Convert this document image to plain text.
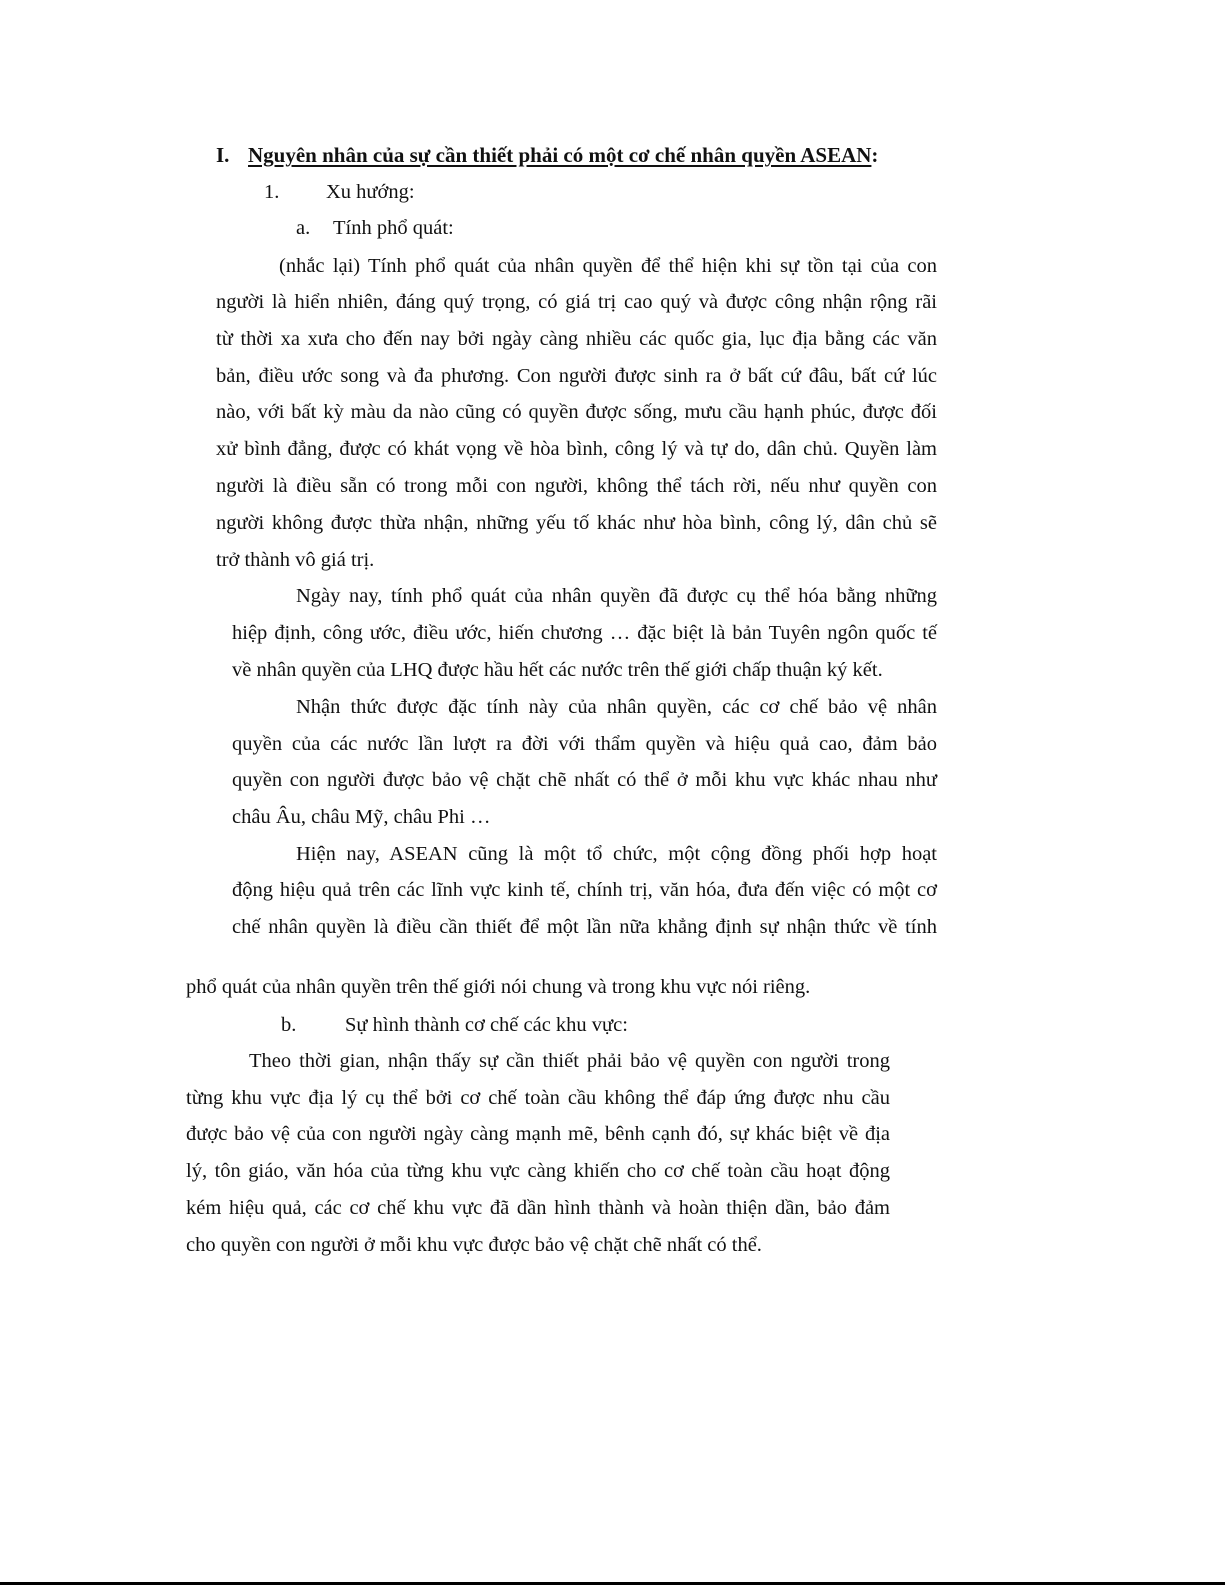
I. Nguyên nhân của sự cần thiết phải có một cơ chế nhân quyền ASEAN :
1. Xu hướng:
a. Tính phổ quát:
(nhắc lại) Tính phổ quát của nhân quyền để thể hiện khi sự tồn tại của con
người là hiển nhiên, đáng quý trọng, có giá trị cao quý và được công nhận rộng rãi
từ thời xa xưa cho đến nay bởi ngày càng nhiều các quốc gia, lục địa bằng các văn
bản, điều ước song và đa phương. Con người được sinh ra ở bất cứ đâu, bất cứ lúc
nào, với bất kỳ màu da nào cũng có quyền được sống, mưu cầu hạnh phúc, được đối
xử bình đẳng, được có khát vọng về hòa bình, công lý và tự do, dân chủ. Quyền làm
người là điều sẵn có trong mỗi con người, không thể tách rời, nếu như quyền con
người không được thừa nhận, những yếu tố khác như hòa bình, công lý, dân chủ sẽ
trở thành vô giá trị.
Ngày nay, tính phổ quát của nhân quyền đã được cụ thể hóa bằng những
hiệp định, công ước, điều ước, hiến chương … đặc biệt là bản Tuyên ngôn quốc tế
về nhân quyền của LHQ được hầu hết các nước trên thế giới chấp thuận ký kết.
Nhận thức được đặc tính này của nhân quyền, các cơ chế bảo vệ nhân
quyền của các nước lần lượt ra đời với thẩm quyền và hiệu quả cao, đảm bảo
quyền con người được bảo vệ chặt chẽ nhất có thể ở mỗi khu vực khác nhau như
châu Âu, châu Mỹ, châu Phi …
Hiện nay, ASEAN cũng là một tổ chức, một cộng đồng phối hợp hoạt
động hiệu quả trên các lĩnh vực kinh tế, chính trị, văn hóa, đưa đến việc có một cơ
chế nhân quyền là điều cần thiết để một lần nữa khẳng định sự nhận thức về tính
phổ quát của nhân quyền trên thế giới nói chung và trong khu vực nói riêng.
b. Sự hình thành cơ chế các khu vực:
Theo thời gian, nhận thấy sự cần thiết phải bảo vệ quyền con người trong
từng khu vực địa lý cụ thể bởi cơ chế toàn cầu không thể đáp ứng được nhu cầu
được bảo vệ của con người ngày càng mạnh mẽ, bênh cạnh đó, sự khác biệt về địa
lý, tôn giáo, văn hóa của từng khu vực càng khiến cho cơ chế toàn cầu hoạt động
kém hiệu quả, các cơ chế khu vực đã dần hình thành và hoàn thiện dần, bảo đảm
cho quyền con người ở mỗi khu vực được bảo vệ chặt chẽ nhất có thể.
